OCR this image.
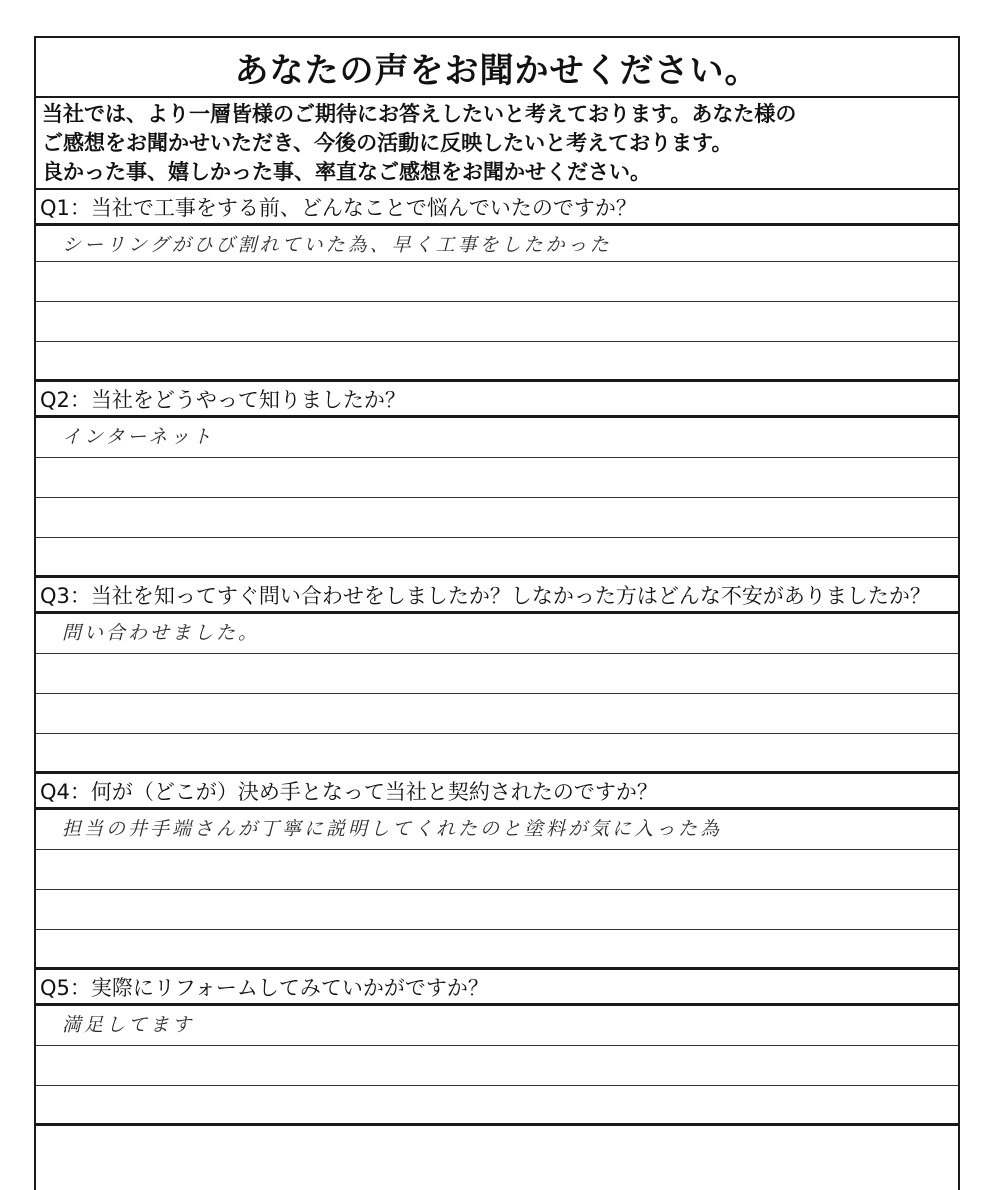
あなたの声をお聞かせください。
当社では、より一層皆様のご期待にお答えしたいと考えております。あなた様の
ご感想をお聞かせいただき、今後の活動に反映したいと考えております。
良かった事、嬉しかった事、率直なご感想をお聞かせください。
Q1：当社で工事をする前、どんなことで悩んでいたのですか？
シーリングがひび割れていた為、早く工事をしたかった
Q2：当社をどうやって知りましたか？
インターネット
Q3：当社を知ってすぐ問い合わせをしましたか？しなかった方はどんな不安がありましたか？
問い合わせました。
Q4：何が（どこが）決め手となって当社と契約されたのですか？
担当の井手端さんが丁寧に説明してくれたのと塗料が気に入った為
Q5：実際にリフォームしてみていかがですか？
満足してます
